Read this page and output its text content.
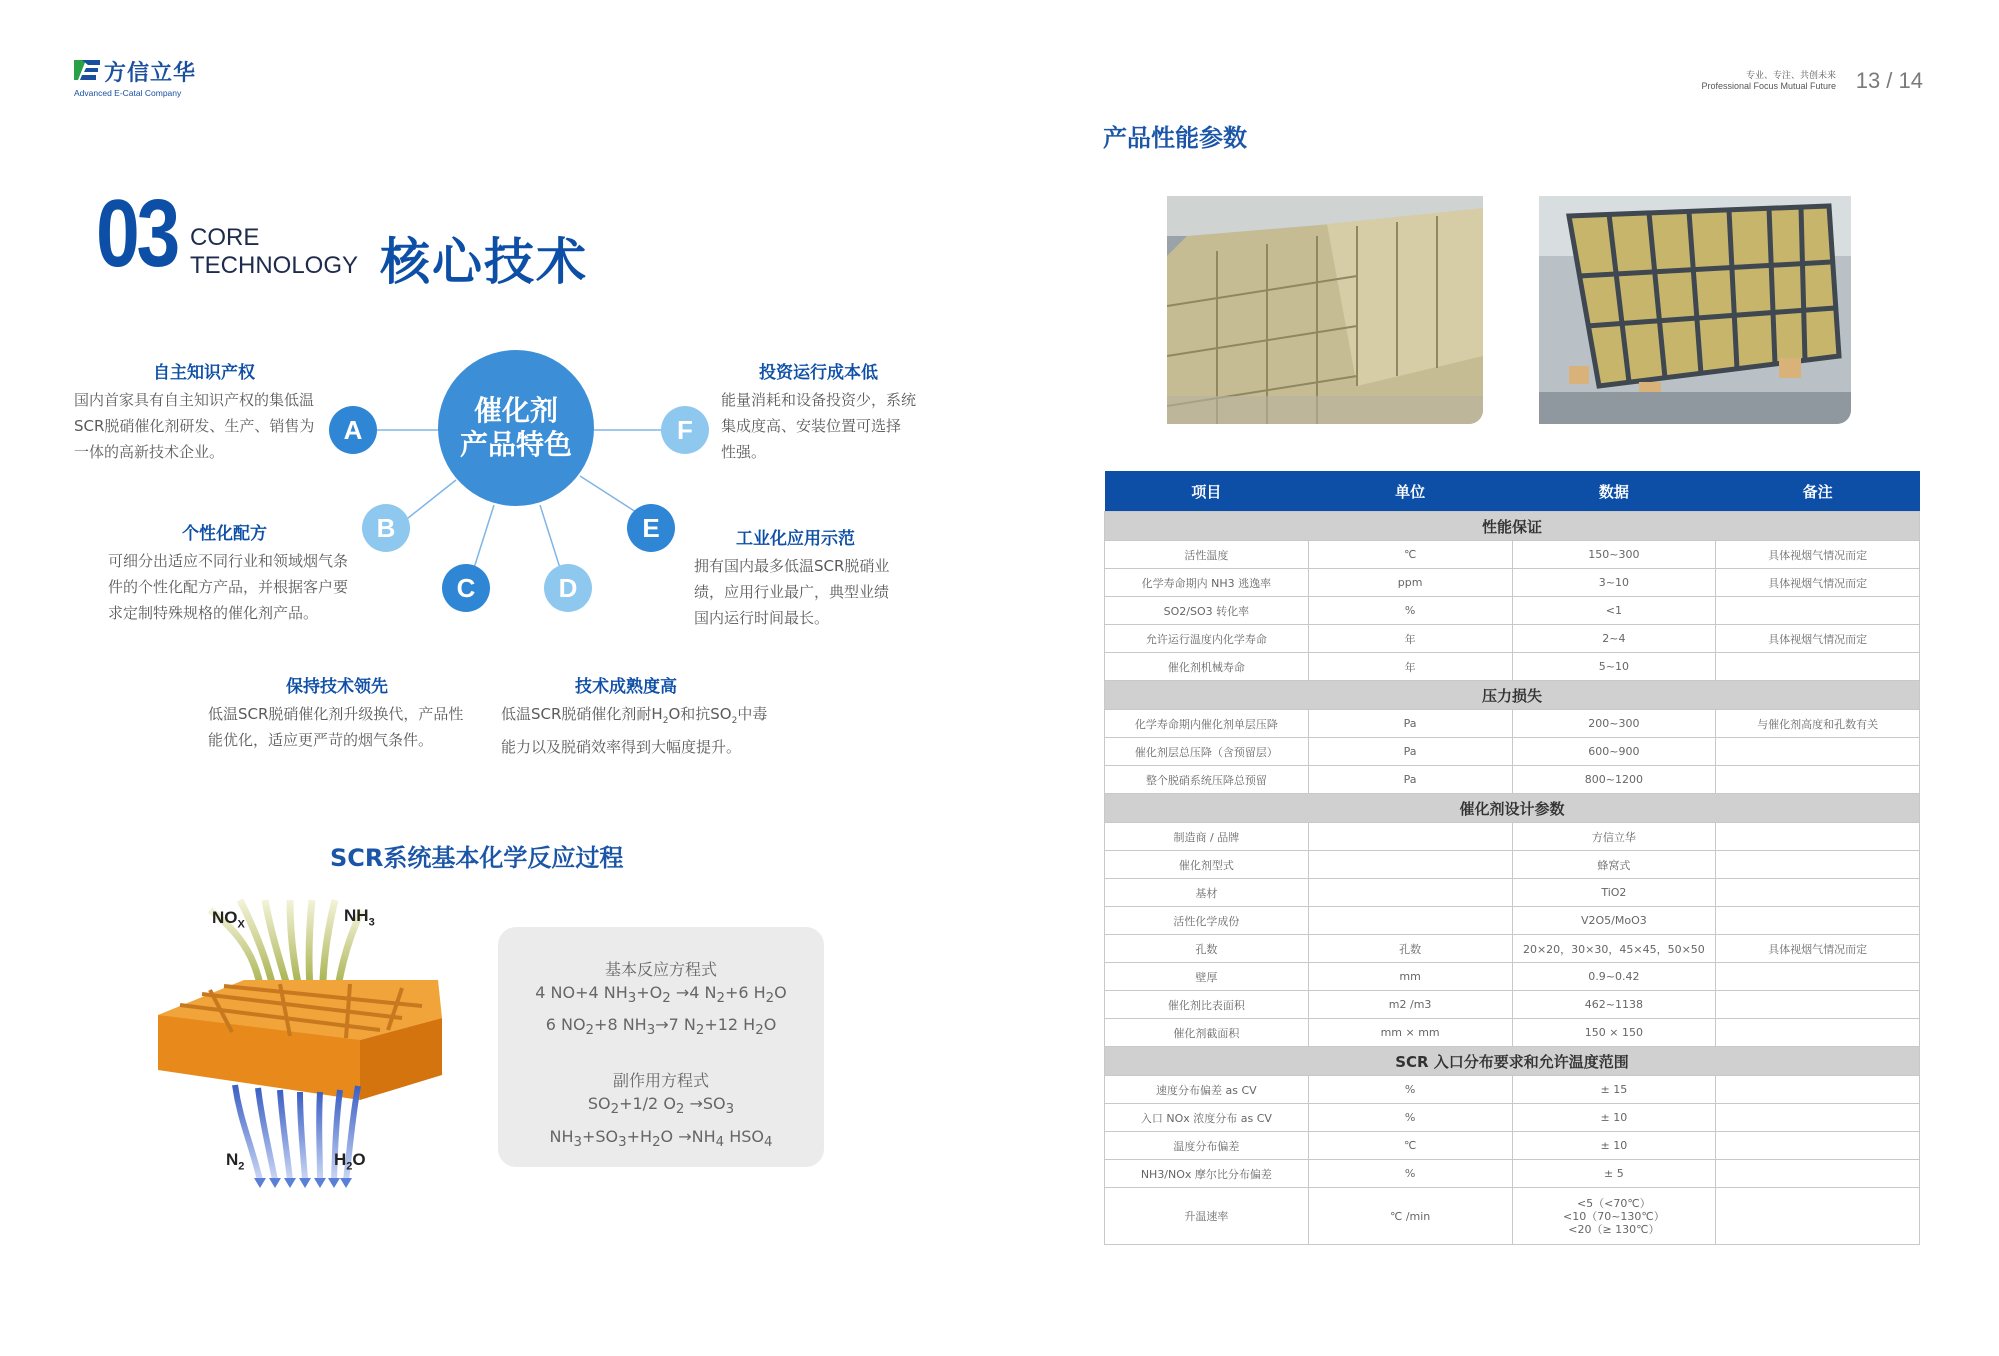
方信立华
Advanced E-Catal Company
专业、专注、共创未来
Professional Focus Mutual Future 13 / 14
03 CORE
TECHNOLOGY 核心技术
催化剂
产品特色
A	F
B	E
C	D
自主知识产权
国内首家具有自主知识产权的集低温
SCR脱硝催化剂研发、生产、销售为
一体的高新技术企业。
投资运行成本低
能量消耗和设备投资少，系统
集成度高、安装位置可选择
性强。
个性化配方
可细分出适应不同行业和领域烟气条
件的个性化配方产品，并根据客户要
求定制特殊规格的催化剂产品。
工业化应用示范
拥有国内最多低温SCR脱硝业
绩，应用行业最广，典型业绩
国内运行时间最长。
保持技术领先
低温SCR脱硝催化剂升级换代，产品性
能优化，适应更严苛的烟气条件。
技术成熟度高
低温SCR脱硝催化剂耐$H_2O$和抗$SO_2$中毒
能力以及脱硝效率得到大幅度提升。
SCR系统基本化学反应过程
$NO_X$	$NH_3$
$N_2$	$H_2O$
基本反应方程式
4 NO+4 $NH_3+O_2 \to 4$ $N_2+6$ $H_2O$
6 $NO_2+8$ $NH_3\to 7$ $N_2+12$ $H_2O$
副作用方程式
$SO_2+1/2$ $O_2 \to SO_3$
$NH_3+SO_3+H_2O \to NH_4$ $HSO_4$
产品性能参数
项目	单位	数据	备注
性能保证			
活性温度	℃	150~300	具体视烟气情况而定
化学寿命期内 NH3 逃逸率	ppm	3~10	具体视烟气情况而定
SO2/SO3 转化率	%	<1	
允许运行温度内化学寿命	年	2~4	具体视烟气情况而定
催化剂机械寿命	年	5~10	
压力损失			
化学寿命期内催化剂单层压降	Pa	200~300	与催化剂高度和孔数有关
催化剂层总压降（含预留层）	Pa	600~900	
整个脱硝系统压降总预留	Pa	800~1200	
催化剂设计参数			
制造商 / 品牌		方信立华	
催化剂型式		蜂窝式	
基材		TiO2	
活性化学成份		V2O5/MoO3	
孔数	孔数	20×20，30×30，45×45，50×50	具体视烟气情况而定
壁厚	mm	0.9~0.42	
催化剂比表面积	m2 /m3	462~1138	
催化剂截面积	mm × mm	150 × 150	
SCR 入口分布要求和允许温度范围			
速度分布偏差 as CV	%	± 15	
入口 NOx 浓度分布 as CV	%	± 10	
温度分布偏差	℃	± 10	
NH3/NOx 摩尔比分布偏差	%	± 5	
升温速率	℃ /min	<5（<70℃）
<10（70~130℃）
<20（≥ 130℃）	
